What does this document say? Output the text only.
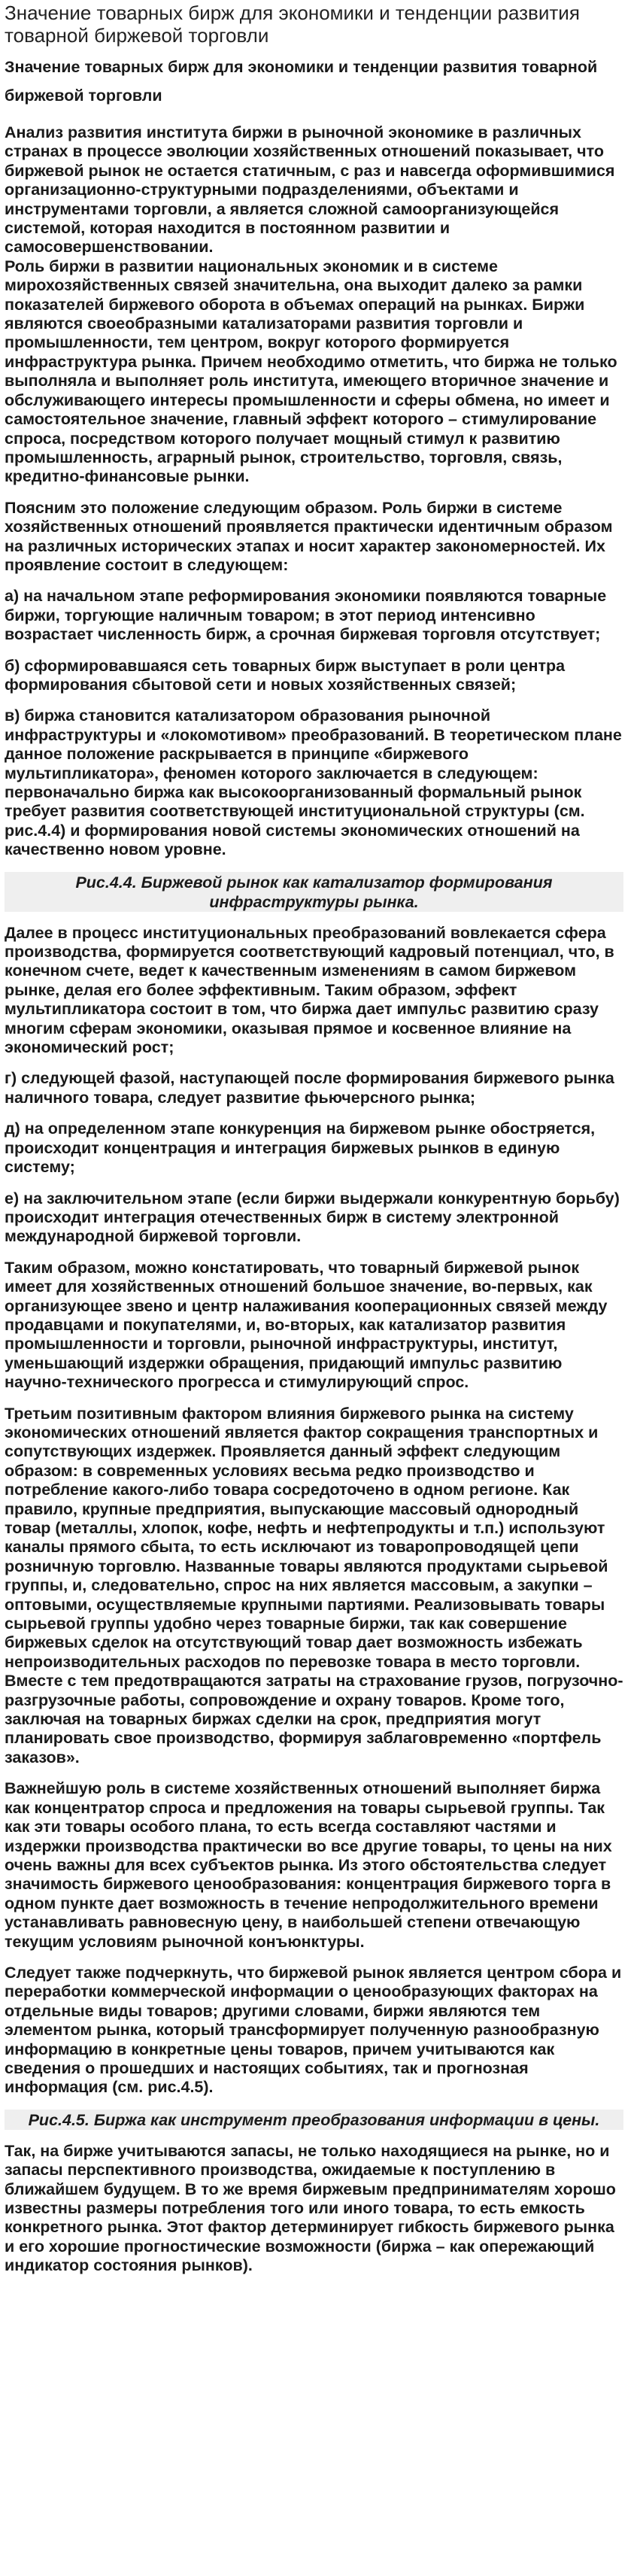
Значение товарных бирж для экономики и тенденции развития товарной биржевой торговли
Значение товарных бирж для экономики и тенденции развития товарной биржевой торговли

Анализ развития института биржи в рыночной экономике в различных странах в процессе эволюции хозяйственных отношений показывает, что биржевой рынок не остается статичным, с раз и навсегда оформившимися организационно-структурными подразделениями, объектами и инструментами торговли, а является сложной самоорганизующейся системой, которая находится в постоянном развитии и самосовершенствовании.

Роль биржи в развитии национальных экономик и в системе мирохозяйственных связей значительна, она выходит далеко за рамки показателей биржевого оборота в объемах операций на рынках. Биржи являются своеобразными катализаторами развития торговли и промышленности, тем центром, вокруг которого формируется инфраструктура рынка. Причем необходимо отметить, что биржа не только выполняла и выполняет роль института, имеющего вторичное значение и обслуживающего интересы промышленности и сферы обмена, но имеет и самостоятельное значение, главный эффект которого – стимулирование спроса, посредством которого получает мощный стимул к развитию промышленность, аграрный рынок, строительство, торговля, связь, кредитно-финансовые рынки.

Поясним это положение следующим образом. Роль биржи в системе хозяйственных отношений проявляется практически идентичным образом на различных исторических этапах и носит характер закономерностей. Их проявление состоит в следующем:

а) на начальном этапе реформирования экономики появляются товарные биржи, торгующие наличным товаром; в этот период интенсивно возрастает численность бирж, а срочная биржевая торговля отсутствует;

б) сформировавшаяся сеть товарных бирж выступает в роли центра формирования сбытовой сети и новых хозяйственных связей;

в) биржа становится катализатором образования рыночной инфраструктуры и «локомотивом» преобразований. В теоретическом плане данное положение раскрывается в принципе «биржевого мультипликатора», феномен которого заключается в следующем: первоначально биржа как высокоорганизованный формальный рынок требует развития соответствующей институциональной структуры (см. рис.4.4) и формирования новой системы экономических отношений на качественно новом уровне.

Рис.4.4. Биржевой рынок как катализатор формирования инфраструктуры рынка.

Далее в процесс институциональных преобразований вовлекается сфера производства, формируется соответствующий кадровый потенциал, что, в конечном счете, ведет к качественным изменениям в самом биржевом рынке, делая его более эффективным. Таким образом, эффект мультипликатора состоит в том, что биржа дает импульс развитию сразу многим сферам экономики, оказывая прямое и косвенное влияние на экономический рост;

г) следующей фазой, наступающей после формирования биржевого рынка наличного товара, следует развитие фьючерсного рынка;

д) на определенном этапе конкуренция на биржевом рынке обостряется, происходит концентрация и интеграция биржевых рынков в единую систему;

е) на заключительном этапе (если биржи выдержали конкурентную борьбу) происходит интеграция отечественных бирж в систему электронной международной биржевой торговли.

Таким образом, можно констатировать, что товарный биржевой рынок имеет для хозяйственных отношений большое значение, во-первых, как организующее звено и центр налаживания кооперационных связей между продавцами и покупателями, и, во-вторых, как катализатор развития промышленности и торговли, рыночной инфраструктуры, институт, уменьшающий издержки обращения, придающий импульс развитию научно-технического прогресса и стимулирующий спрос.

Третьим позитивным фактором влияния биржевого рынка на систему экономических отношений является фактор сокращения транспортных и сопутствующих издержек. Проявляется данный эффект следующим образом: в современных условиях весьма редко производство и потребление какого-либо товара сосредоточено в одном регионе. Как правило, крупные предприятия, выпускающие массовый однородный товар (металлы, хлопок, кофе, нефть и нефтепродукты и т.п.) используют каналы прямого сбыта, то есть исключают из товаропроводящей цепи розничную торговлю. Названные товары являются продуктами сырьевой группы, и, следовательно, спрос на них является массовым, а закупки – оптовыми, осуществляемые крупными партиями. Реализовывать товары сырьевой группы удобно через товарные биржи, так как совершение биржевых сделок на отсутствующий товар дает возможность избежать непроизводительных расходов по перевозке товара в место торговли. Вместе с тем предотвращаются затраты на страхование грузов, погрузочно-разгрузочные работы, сопровождение и охрану товаров. Кроме того, заключая на товарных биржах сделки на срок, предприятия могут планировать свое производство, формируя заблаговременно «портфель заказов».

Важнейшую роль в системе хозяйственных отношений выполняет биржа как концентратор спроса и предложения на товары сырьевой группы. Так как эти товары особого плана, то есть всегда составляют частями и издержки производства практически во все другие товары, то цены на них очень важны для всех субъектов рынка. Из этого обстоятельства следует значимость биржевого ценообразования: концентрация биржевого торга в одном пункте дает возможность в течение непродолжительного времени устанавливать равновесную цену, в наибольшей степени отвечающую текущим условиям рыночной конъюнктуры.

Следует также подчеркнуть, что биржевой рынок является центром сбора и переработки коммерческой информации о ценообразующих факторах на отдельные виды товаров; другими словами, биржи являются тем элементом рынка, который трансформирует полученную разнообразную информацию в конкретные цены товаров, причем учитываются как сведения о прошедших и настоящих событиях, так и прогнозная информация (см. рис.4.5).

Рис.4.5. Биржа как инструмент преобразования информации в цены.

Так, на бирже учитываются запасы, не только находящиеся на рынке, но и запасы перспективного производства, ожидаемые к поступлению в ближайшем будущем. В то же время биржевым предпринимателям хорошо известны размеры потребления того или иного товара, то есть емкость конкретного рынка. Этот фактор детерминирует гибкость биржевого рынка и его хорошие прогностические возможности (биржа – как опережающий индикатор состояния рынков).
